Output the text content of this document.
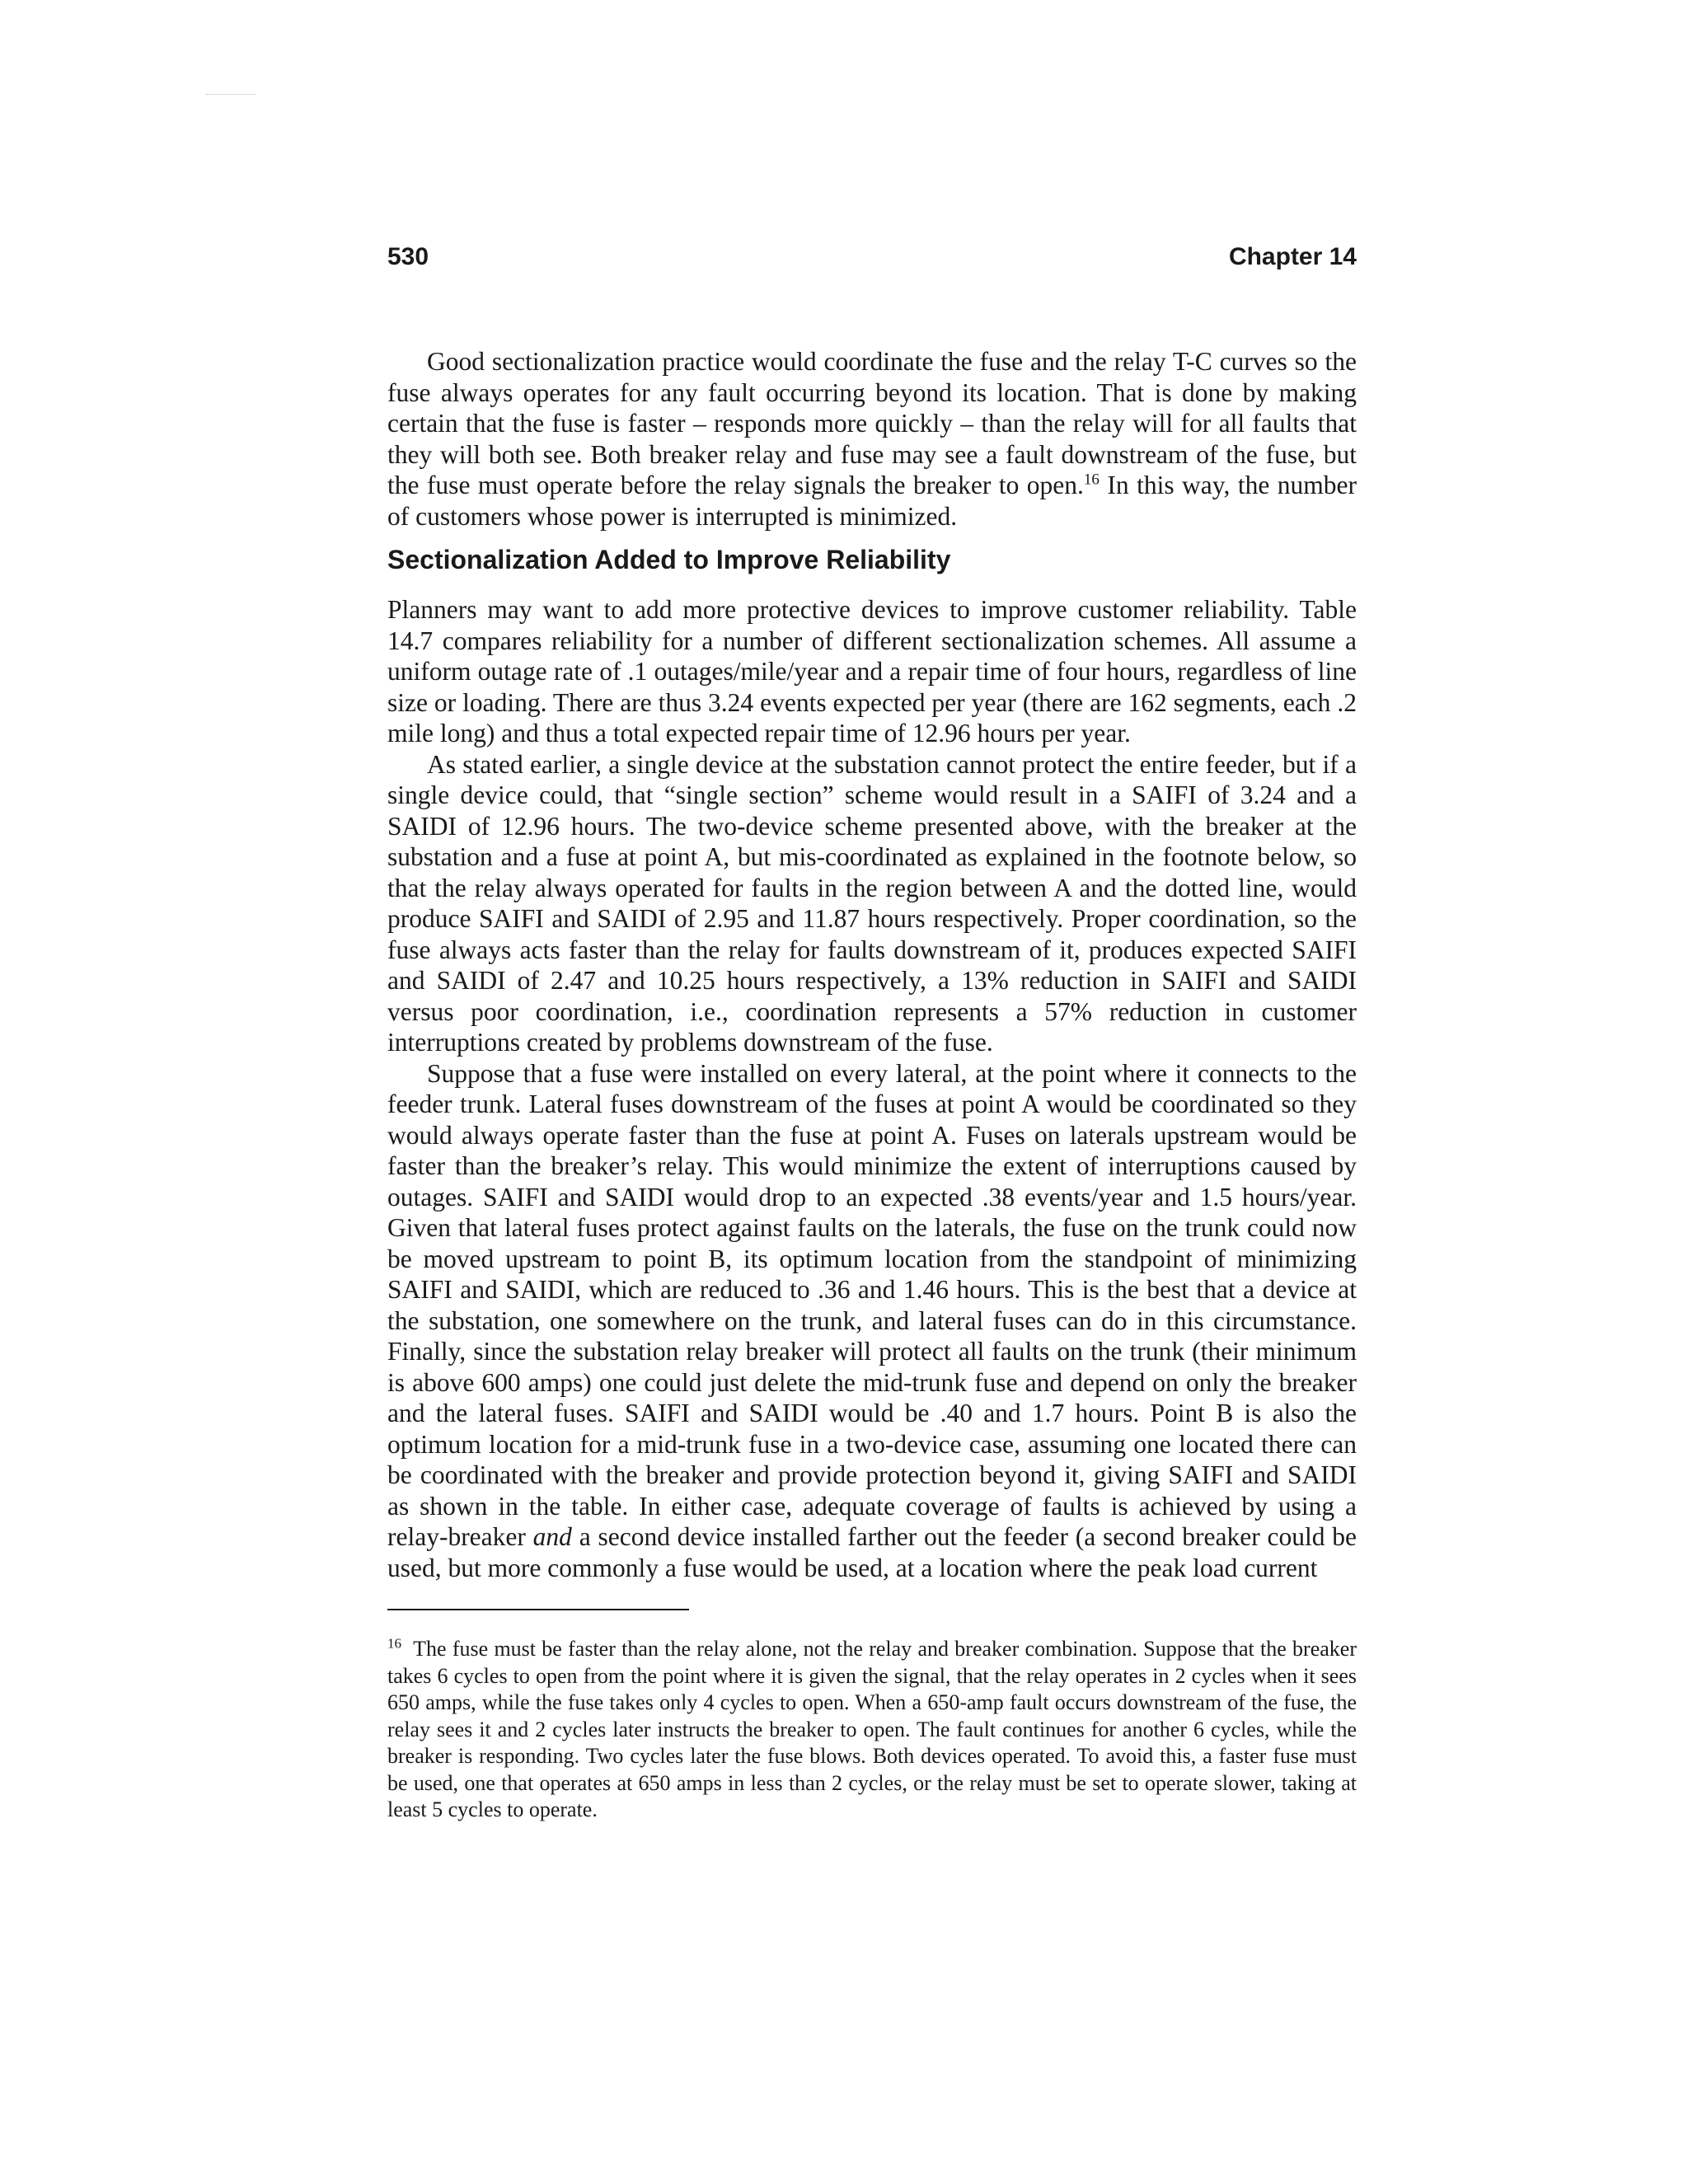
530	Chapter 14

Good sectionalization practice would coordinate the fuse and the relay T-C curves so the fuse always operates for any fault occurring beyond its location. That is done by making certain that the fuse is faster – responds more quickly – than the relay will for all faults that they will both see. Both breaker relay and fuse may see a fault downstream of the fuse, but the fuse must operate before the relay signals the breaker to open.$^{16}$ In this way, the number of customers whose power is interrupted is minimized.

Sectionalization Added to Improve Reliability

Planners may want to add more protective devices to improve customer reliability. Table 14.7 compares reliability for a number of different sectionalization schemes. All assume a uniform outage rate of .1 outages/mile/year and a repair time of four hours, regardless of line size or loading. There are thus 3.24 events expected per year (there are 162 segments, each .2 mile long) and thus a total expected repair time of 12.96 hours per year.

As stated earlier, a single device at the substation cannot protect the entire feeder, but if a single device could, that “single section” scheme would result in a SAIFI of 3.24 and a SAIDI of 12.96 hours. The two-device scheme presented above, with the breaker at the substation and a fuse at point A, but mis-coordinated as explained in the footnote below, so that the relay always operated for faults in the region between A and the dotted line, would produce SAIFI and SAIDI of 2.95 and 11.87 hours respectively. Proper coordination, so the fuse always acts faster than the relay for faults downstream of it, produces expected SAIFI and SAIDI of 2.47 and 10.25 hours respectively, a 13% reduction in SAIFI and SAIDI versus poor coordination, i.e., coordination represents a 57% reduction in customer interruptions created by problems downstream of the fuse.

Suppose that a fuse were installed on every lateral, at the point where it connects to the feeder trunk. Lateral fuses downstream of the fuses at point A would be coordinated so they would always operate faster than the fuse at point A. Fuses on laterals upstream would be faster than the breaker’s relay. This would minimize the extent of interruptions caused by outages. SAIFI and SAIDI would drop to an expected .38 events/year and 1.5 hours/year. Given that lateral fuses protect against faults on the laterals, the fuse on the trunk could now be moved upstream to point B, its optimum location from the standpoint of minimizing SAIFI and SAIDI, which are reduced to .36 and 1.46 hours. This is the best that a device at the substation, one somewhere on the trunk, and lateral fuses can do in this circumstance. Finally, since the substation relay breaker will protect all faults on the trunk (their minimum is above 600 amps) one could just delete the mid-trunk fuse and depend on only the breaker and the lateral fuses. SAIFI and SAIDI would be .40 and 1.7 hours. Point B is also the optimum location for a mid-trunk fuse in a two-device case, assuming one located there can be coordinated with the breaker and provide protection beyond it, giving SAIFI and SAIDI as shown in the table. In either case, adequate coverage of faults is achieved by using a relay-breaker and a second device installed farther out the feeder (a second breaker could be used, but more commonly a fuse would be used, at a location where the peak load current

$^{16}$ The fuse must be faster than the relay alone, not the relay and breaker combination. Suppose that the breaker takes 6 cycles to open from the point where it is given the signal, that the relay operates in 2 cycles when it sees 650 amps, while the fuse takes only 4 cycles to open. When a 650-amp fault occurs downstream of the fuse, the relay sees it and 2 cycles later instructs the breaker to open. The fault continues for another 6 cycles, while the breaker is responding. Two cycles later the fuse blows. Both devices operated. To avoid this, a faster fuse must be used, one that operates at 650 amps in less than 2 cycles, or the relay must be set to operate slower, taking at least 5 cycles to operate.
